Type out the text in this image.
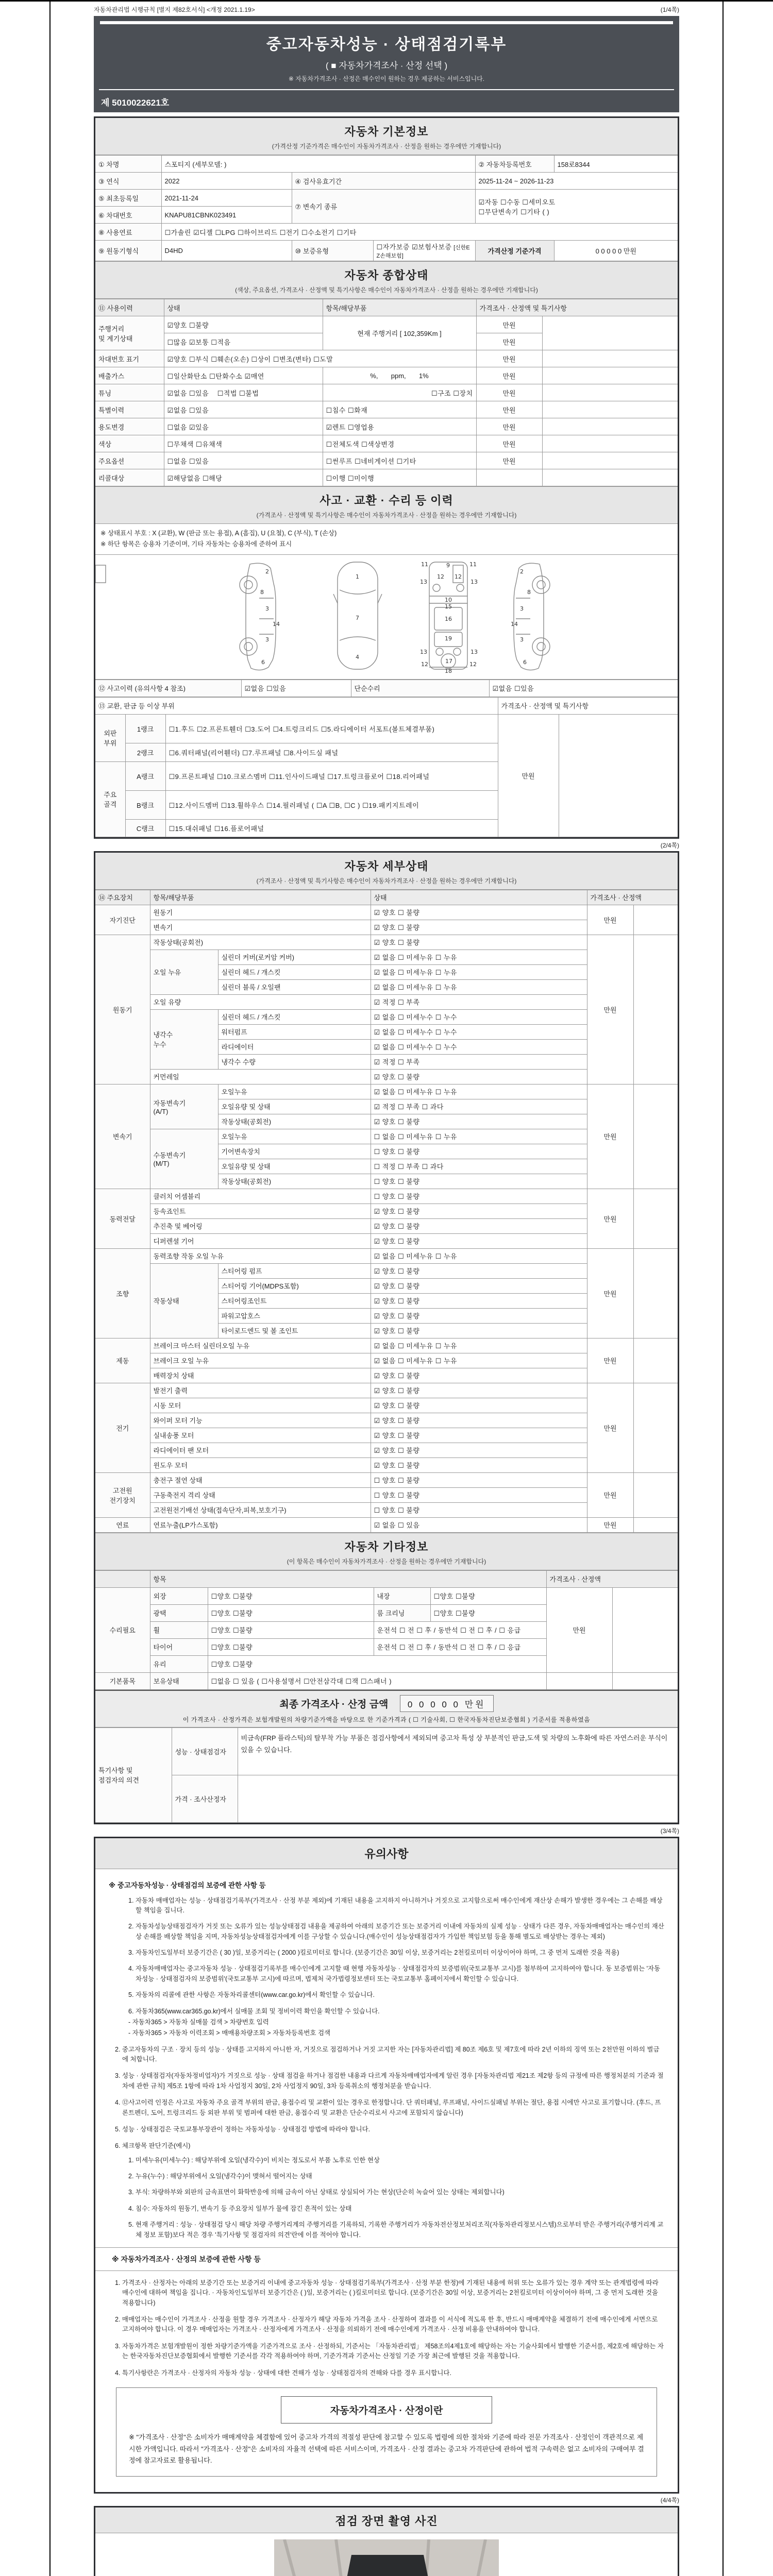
자동차관리법 시행규칙 [별지 제82호서식] <개정 2021.1.19>	(1/4쪽)
중고자동차성능 · 상태점검기록부
( ■ 자동차가격조사 · 산정 선택 )
※ 자동차가격조사 · 산정은 매수인이 원하는 경우 제공하는 서비스입니다.
제 5010022621호
자동차 기본정보
(가격산정 기준가격은 매수인이 자동차가격조사 · 산정을 원하는 경우에만 기재합니다)
① 차명	스포티지 (세부모델: )			② 자동차등록번호	158로8344
③ 연식	2022	④ 검사유효기간		2025-11-24 ~ 2026-11-23	
⑤ 최초등록일	2021-11-24	⑦ 변속기 종류		☑자동 ☐수동 ☐세미오토
☐무단변속기 ☐기타 ( )	

⑥ 차대번호	KNAPU81CBNK023491				
⑧ 사용연료	☐가솔린 ☑디젤 ☐LPG ☐하이브리드 ☐전기 ☐수소전기 ☐기타				
⑨ 원동기형식	D4HD	⑩ 보증유형	☐자가보증 ☑보험사보증 [신한EZ손해보험]	가격산정 기준가격	0 0 0 0 0 만원
자동차 종합상태
(색상, 주요옵션, 가격조사 · 산정액 및 특기사항은 매수인이 자동차가격조사 · 산정을 원하는 경우에만 기재합니다)
⑪ 사용이력	상태	항목/해당부품	가격조사 · 산정액 및 특기사항	
주행거리
및 계기상태	☑양호 ☐불량	현재 주행거리 [ 102,359Km ]	만원	
	☐많음 ☑보통 ☐적음		만원	
차대번호 표기	☑양호 ☐부식 ☐훼손(오손) ☐상이 ☐변조(변타) ☐도말		만원	
배출가스	☐일산화탄소 ☐탄화수소 ☑매연	%,       ppm,       1%	만원	
튜닝	☑없음 ☐있음 ☐적법 ☐불법	☐구조 ☐장치	만원	
특별이력	☑없음 ☐있음	☐침수 ☐화재	만원	
용도변경	☐없음 ☑있음	☑렌트 ☐영업용	만원	
색상	☐무채색 ☐유채색	☐전체도색 ☐색상변경	만원	
주요옵션	☐없음 ☐있음	☐썬루프 ☐네비게이션 ☐기타	만원	
리콜대상	☑해당없음 ☐해당	☐이행 ☐미이행		
사고 · 교환 · 수리 등 이력
(가격조사 · 산정액 및 특기사항은 매수인이 자동차가격조사 · 산정을 원하는 경우에만 기재합니다)
※ 상태표시 부호 : X (교환), W (판금 또는 용접), A (흠집), U (요철), C (부식), T (손상)
※ 하단 항목은 승용차 기준이며, 기타 자동차는 승용차에 준하여 표시
2
8
3
14
3
6
1
7
4
11	9	11
13
12 12
13
10
15
16
19
13	13
12	12
17
18
2
8
3
14
3
6
⑫ 사고이력 (유의사항 4 참조)	☑없음 ☐있음	단순수리	☑없음 ☐있음
⑬ 교환, 판금 등 이상 부위			가격조사 · 산정액 및 특기사항	
외판
부위	1랭크	☐1.후드 ☐2.프론트휀더 ☐3.도어 ☐4.트렁크리드 ☐5.라디에이터 서포트(볼트체결부품)	만원	
	2랭크	☐6.쿼터패널(리어휀더) ☐7.루프패널 ☐8.사이드실 패널		
주요
골격	A랭크	☐9.프론트패널 ☐10.크로스멤버 ☐11.인사이드패널 ☐17.트렁크플로어 ☐18.리어패널		
	B랭크	☐12.사이드멤버 ☐13.휠하우스 ☐14.필러패널 ( ☐A ☐B, ☐C ) ☐19.패키지트레이		
	C랭크	☐15.대쉬패널 ☐16.플로어패널		
(2/4쪽)
자동차 세부상태
(가격조사 · 산정액 및 특기사항은 매수인이 자동차가격조사 · 산정을 원하는 경우에만 기재합니다)
⑭ 주요장치	항목/해당부품		상태	가격조사 · 산정액	
자기진단	원동기		☑ 양호 ☐ 불량	만원	
	변속기		☑ 양호 ☐ 불량		
원동기	작동상태(공회전)		☑ 양호 ☐ 불량	만원	
	오일 누유	실린더 커버(로커암 커버)	☑ 없음 ☐ 미세누유 ☐ 누유		
		실린더 헤드 / 개스킷	☑ 없음 ☐ 미세누유 ☐ 누유		
		실린더 블록 / 오일팬	☑ 없음 ☐ 미세누유 ☐ 누유		
	오일 유량		☑ 적정 ☐ 부족		
	냉각수
누수	실린더 헤드 / 개스킷	☑ 없음 ☐ 미세누수 ☐ 누수		
		워터펌프	☑ 없음 ☐ 미세누수 ☐ 누수		
		라디에이터	☑ 없음 ☐ 미세누수 ☐ 누수		
		냉각수 수량	☑ 적정 ☐ 부족		
	커먼레일		☑ 양호 ☐ 불량		
변속기	자동변속기
(A/T)	오일누유	☑ 없음 ☐ 미세누유 ☐ 누유	만원	
		오일유량 및 상태	☑ 적정 ☐ 부족 ☐ 과다		
		작동상태(공회전)	☑ 양호 ☐ 불량		
	수동변속기
(M/T)	오일누유	☐ 없음 ☐ 미세누유 ☐ 누유		
		기어변속장치	☐ 양호 ☐ 불량		
		오일유량 및 상태	☐ 적정 ☐ 부족 ☐ 과다		
		작동상태(공회전)	☐ 양호 ☐ 불량		
동력전달	클러치 어셈블리		☐ 양호 ☐ 불량	만원	
	등속죠인트		☑ 양호 ☐ 불량		
	추진축 및 베어링		☑ 양호 ☐ 불량		
	디퍼렌셜 기어		☑ 양호 ☐ 불량		
조향	동력조향 작동 오일 누유		☑ 없음 ☐ 미세누유 ☐ 누유	만원	
	작동상태	스티어링 펌프	☑ 양호 ☐ 불량		
		스티어링 기어(MDPS포함)	☑ 양호 ☐ 불량		
		스티어링조인트	☑ 양호 ☐ 불량		
		파워고압호스	☑ 양호 ☐ 불량		
		타이로드엔드 및 볼 조인트	☑ 양호 ☐ 불량		
제동	브레이크 마스터 실린더오일 누유		☑ 없음 ☐ 미세누유 ☐ 누유	만원	
	브레이크 오일 누유		☑ 없음 ☐ 미세누유 ☐ 누유		
	배력장치 상태		☑ 양호 ☐ 불량		
전기	발전기 출력		☑ 양호 ☐ 불량	만원	
	시동 모터		☑ 양호 ☐ 불량		
	와이퍼 모터 기능		☑ 양호 ☐ 불량		
	실내송풍 모터		☑ 양호 ☐ 불량		
	라디에이터 팬 모터		☑ 양호 ☐ 불량		
	윈도우 모터		☑ 양호 ☐ 불량		
고전원
전기장치	충전구 절연 상태		☐ 양호 ☐ 불량	만원	
	구동축전지 격리 상태		☐ 양호 ☐ 불량		
	고전원전기배선 상태(접속단자,피복,보호기구)		☐ 양호 ☐ 불량		
연료	연료누출(LP가스포함)		☑ 없음 ☐ 있음	만원	
자동차 기타정보
(이 항목은 매수인이 자동차가격조사 · 산정을 원하는 경우에만 기재합니다)
	항목				가격조사 · 산정액	
수리필요	외장	☐양호 ☐불량	내장	☐양호 ☐불량	만원	
	광택	☐양호 ☐불량	룸 크리닝	☐양호 ☐불량		
	휠	☐양호 ☐불량	운전석 ☐ 전 ☐ 후 / 동반석 ☐ 전 ☐ 후 / ☐ 응급			
	타이어	☐양호 ☐불량	운전석 ☐ 전 ☐ 후 / 동반석 ☐ 전 ☐ 후 / ☐ 응급			
	유리	☐양호 ☐불량				
기본품목	보유상태	☐없음 ☐ 있음 ( ☐사용설명서 ☐안전삼각대 ☐잭 ☐스패너 )				
최종 가격조사 · 산정 금액 0 0 0 0 0 만원
이 가격조사 · 산정가격은 보험개발원의 차량기준가액을 바탕으로 한 기준가격과 ( ☐ 기술사회, ☐ 한국자동차진단보증협회 ) 기준서를 적용하였음
특기사항 및
점검자의 의견	성능 · 상태점검자	비금속(FRP 플라스틱)의 탈부착 가능 부품은 점검사항에서 제외되며 중고차 특성 상 부분적인 판금,도색 및 차량의 노후화에 따른 자연스러운 부식이 있을 수 있습니다.
	가격 · 조사산정자	
(3/4쪽)
유의사항
※ 중고자동차성능 · 상태점검의 보증에 관한 사항 등

1. 자동차 매매업자는 성능 · 상태점검기록부(가격조사 · 산정 부분 제외)에 기재된 내용을 고지하지 아니하거나 거짓으로 고지함으로써 매수인에게 재산상 손해가 발생한 경우에는 그 손해를 배상할 책임을 집니다.

2. 자동차성능상태점검자가 거짓 또는 오류가 있는 성능상태점검 내용을 제공하여 아래의 보증기간 또는 보증거리 이내에 자동차의 실제 성능 · 상태가 다른 경우, 자동차매매업자는 매수인의 재산상 손해를 배상할 책임을 지며, 자동차성능상태점검자에게 이를 구상할 수 있습니다.(매수인이 성능상태점검자가 가입한 책임보험 등을 통해 별도로 배상받는 경우는 제외)

3. 자동차인도일부터 보증기간은 ( 30 )일, 보증거리는 ( 2000 )킬로미터로 합니다. (보증기간은 30일 이상, 보증거리는 2천킬로미터 이상이어야 하며, 그 중 먼저 도래한 것을 적용)

4. 자동차매매업자는 중고자동차 성능 · 상태점검기록부를 매수인에게 고지할 때 현행 자동차성능 · 상태점검자의 보증범위(국토교통부 고시)를 첨부하여 고지하여야 합니다. 동 보증범위는 '자동차성능 · 상태점검자의 보증범위'(국토교통부 고시)에 따르며, 법제처 국가법령정보센터 또는 국토교통부 홈페이지에서 확인할 수 있습니다.

5. 자동차의 리콜에 관한 사항은 자동차리콜센터(www.car.go.kr)에서 확인할 수 있습니다.

6. 자동차365(www.car365.go.kr)에서 실매물 조회 및 정비이력 확인을 확인할 수 있습니다.

- 자동차365 > 자동차 실매물 검색 > 차량번호 입력

- 자동차365 > 자동차 이력조회 > 매매용차량조회 > 자동차등록번호 검색

2. 중고자동차의 구조 · 장치 등의 성능 · 상태를 고지하지 아니한 자, 거짓으로 점검하거나 거짓 고지한 자는 [자동차관리법] 제 80조 제6호 및 제7호에 따라 2년 이하의 징역 또는 2천만원 이하의 벌금에 처합니다.

3. 성능 · 상태점검자(자동차정비업자)가 거짓으로 성능 · 상태 점검을 하거나 점검한 내용과 다르게 자동차매매업자에게 알린 경우 [자동차관리법 제21조 제2항 등의 규정에 따른 행정처분의 기준과 절차에 관한 규칙] 제5조 1항에 따라 1차 사업정지 30일, 2차 사업정지 90일, 3차 등록취소의 행정처분을 받습니다.

4. ⑫사고이력 인정은 사고로 자동차 주요 골격 부위의 판금, 용접수리 및 교환이 있는 경우로 한정합니다. 단 쿼터패널, 루프패널, 사이드실패널 부위는 절단, 용접 시에만 사고로 표기합니다. (후드, 프론트펜더, 도어, 트렁크리드 등 외판 부위 및 범퍼에 대한 판금, 용접수리 및 교환은 단순수리로서 사고에 포함되지 않습니다)

5. 성능 · 상태점검은 국토교통부장관이 정하는 자동차성능 · 상태점검 방법에 따라야 합니다.

6. 체크항목 판단기준(예시)

1. 미세누유(미세누수) : 해당부위에 오일(냉각수)이 비치는 정도로서 부품 노후로 인한 현상

2. 누유(누수) : 해당부위에서 오일(냉각수)이 맺혀서 떨어지는 상태

3. 부식: 차량하부와 외판의 금속표면이 화학반응에 의해 금속이 아닌 상태로 상실되어 가는 현상(단순히 녹슬어 있는 상태는 제외합니다)

4. 침수: 자동차의 원동기, 변속기 등 주요장치 일부가 물에 잠긴 흔적이 있는 상태

5. 현재 주행거리 : 성능 · 상태점검 당시 해당 차량 주행거리계의 주행거리를 기록하되, 기록한 주행거리가 자동차전산정보처리조직(자동차관리정보시스템)으로부터 받은 주행거리(주행거리계 교체 정보 포함)보다 적은 경우 '특기사항 및 점검자의 의견'란에 이를 적어야 합니다.

※ 자동차가격조사 · 산정의 보증에 관한 사항 등

1. 가격조사 · 산정자는 아래의 보증기간 또는 보증거리 이내에 중고자동차 성능 · 상태점검기록부(가격조사 · 산정 부분 한정)에 기재된 내용에 허위 또는 오류가 있는 경우 계약 또는 관계법령에 따라 매수인에 대하여 책임을 집니다. · 자동차인도일부터 보증기간은 ( )일, 보증거리는 ( )킬로미터로 합니다. (보증기간은 30일 이상, 보증거리는 2천킬로미터 이상이어야 하며, 그 중 먼저 도래한 것을 적용합니다)

2. 매매업자는 매수인이 가격조사 · 산정을 원할 경우 가격조사 · 산정자가 해당 자동차 가격을 조사 · 산정하여 결과를 이 서식에 적도록 한 후, 반드시 매매계약을 체결하기 전에 매수인에게 서면으로 고지하여야 합니다. 이 경우 매매업자는 가격조사 · 산정자에게 가격조사 · 산정을 의뢰하기 전에 매수인에게 가격조사 · 산정 비용을 안내하여야 합니다.

3. 자동차가격은 보험개발원이 정한 차량기준가액을 기준가격으로 조사 · 산정하되, 기준서는 「자동차관리법」 제58조의4제1호에 해당하는 자는 기술사회에서 발행한 기준서를, 제2호에 해당하는 자는 한국자동차진단보증협회에서 발행한 기준서를 각각 적용하여야 하며, 기준가격과 기준서는 산정일 기준 가장 최근에 발행된 것을 적용합니다.

4. 특기사항란은 가격조사 · 산정자의 자동차 성능 · 상태에 대한 견해가 성능 · 상태점검자의 견해와 다를 경우 표시합니다.

자동차가격조사 · 산정이란
※ "가격조사 · 산정"은 소비자가 매매계약을 체결함에 있어 중고차 가격의 적절성 판단에 참고할 수 있도록 법령에 의한 절차와 기준에 따라 전문 가격조사 · 산정인이 객관적으로 제시한 가액입니다. 따라서 "가격조사 · 산정"은 소비자의 자율적 선택에 따른 서비스이며, 가격조사 · 산정 결과는 중고차 가격판단에 관하여 법적 구속력은 없고 소비자의 구매여부 결정에 참고자료로 활용됩니다.
(4/4쪽)
점검 장면 촬영 사진
